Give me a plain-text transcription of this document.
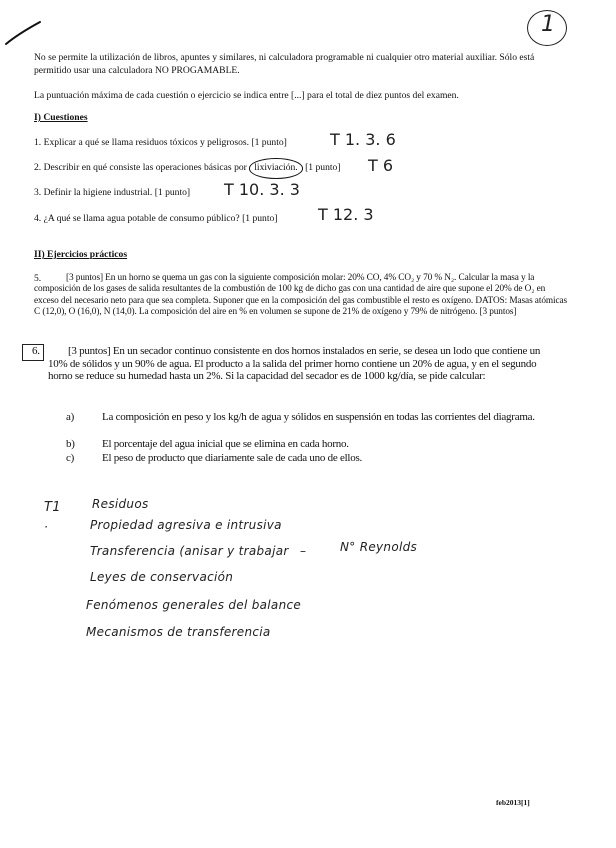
1
No se permite la utilización de libros, apuntes y similares, ni calculadora programable ni cualquier otro material auxiliar. Sólo está permitido usar una calculadora NO PROGAMABLE.
La puntuación máxima de cada cuestión o ejercicio se indica entre [...] para el total de diez puntos del examen.
I) Cuestiones
1. Explicar a qué se llama residuos tóxicos y peligrosos. [1 punto]	T 1. 3. 6
2. Describir en qué consiste las operaciones básicas por lixiviación. [1 punto] T 6
3. Definir la higiene industrial. [1 punto] T 10. 3. 3
4. ¿A qué se llama agua potable de consumo público? [1 punto]	T 12. 3
II) Ejercicios prácticos
5.	[3 puntos] En un horno se quema un gas con la siguiente composición molar: 20% CO, 4% CO₂ y 70 % N₂. Calcular la masa y la composición de los gases de salida resultantes de la combustión de 100 kg de dicho gas con una cantidad de aire que supone el 20% de O₂ en exceso del necesario neto para que sea completa. Suponer que en la composición del gas combustible el resto es oxígeno. DATOS: Masas atómicas C (12,0), O (16,0), N (14,0). La composición del aire en % en volumen se supone de 21% de oxígeno y 79% de nitrógeno. [3 puntos]
6.	[3 puntos] En un secador continuo consistente en dos hornos instalados en serie, se desea un lodo que contiene un 10% de sólidos y un 90% de agua. El producto a la salida del primer horno contiene un 20% de agua, y en el segundo horno se reduce su humedad hasta un 2%. Si la capacidad del secador es de 1000 kg/día, se pide calcular:
a)	La composición en peso y los kg/h de agua y sólidos en suspensión en todas las corrientes del diagrama.
b) El porcentaje del agua inicial que se elimina en cada horno.
c)	El peso de producto que diariamente sale de cada uno de ellos.
T1
·
Residuos
Propiedad agresiva e intrusiva
Transferencia (anisar y trabajar –	N° Reynolds
Leyes de conservación
Fenómenos generales del balance
Mecanismos de transferencia
feb2013[1]
